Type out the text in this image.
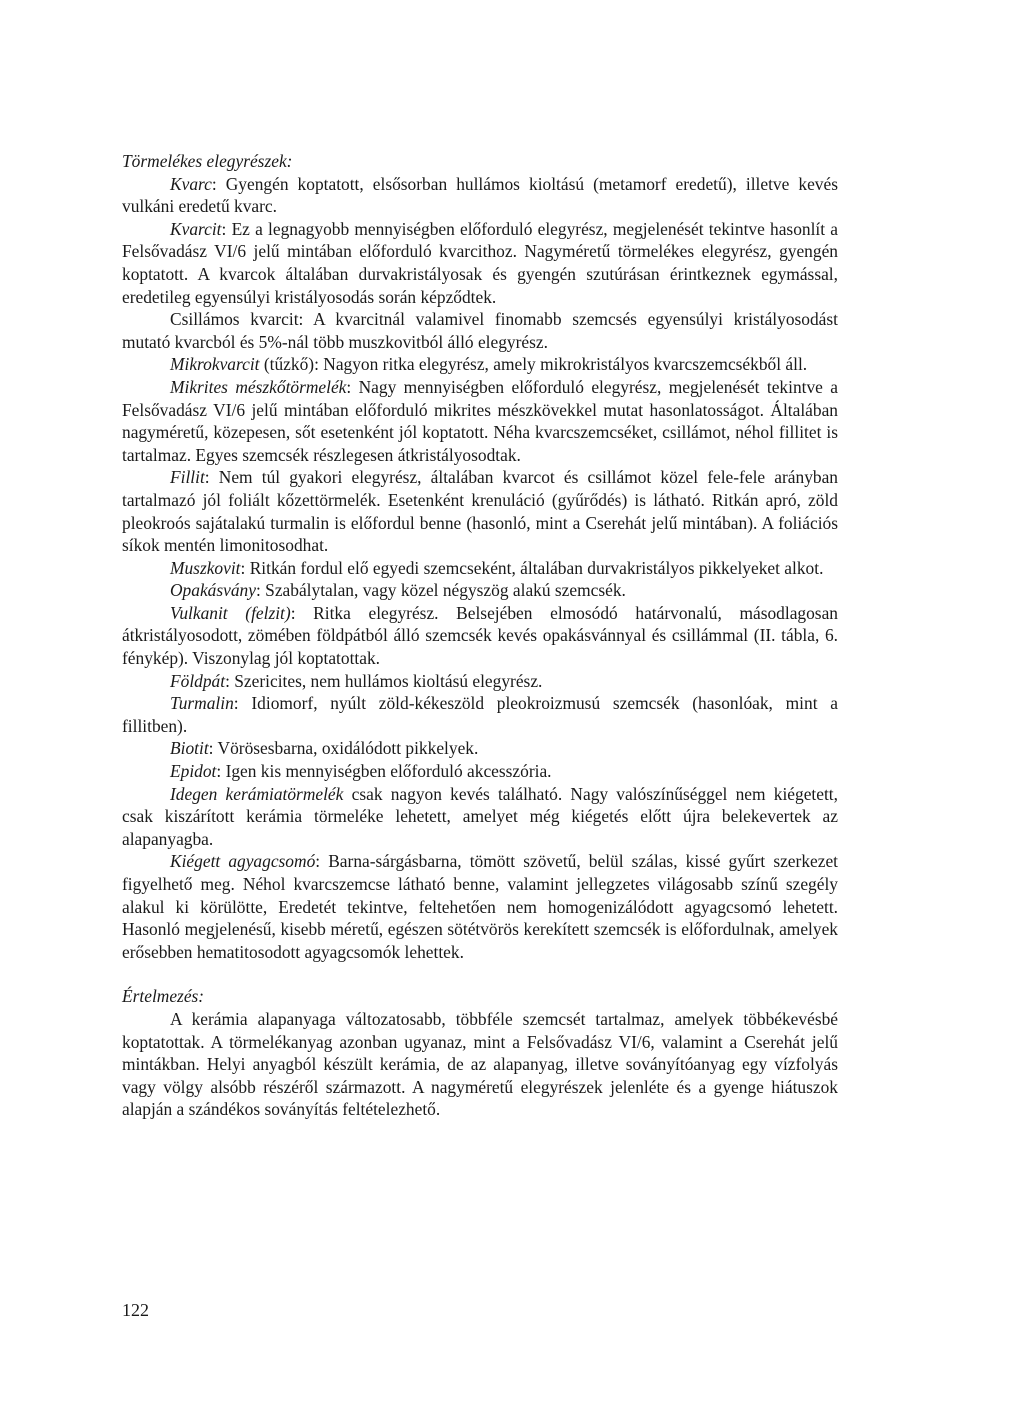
Törmelékes elegyrészek:

Kvarc: Gyengén koptatott, elsősorban hullámos kioltású (metamorf eredetű), illetve kevés vulkáni eredetű kvarc.

Kvarcit: Ez a legnagyobb mennyiségben előforduló elegyrész, megjelenését tekintve hasonlít a Felsővadász VI/6 jelű mintában előforduló kvarcithoz. Nagyméretű törmelékes elegyrész, gyengén koptatott. A kvarcok általában durvakristályosak és gyengén szutúrásan érintkeznek egymással, eredetileg egyensúlyi kristályosodás során képződtek.

Csillámos kvarcit: A kvarcitnál valamivel finomabb szemcsés egyensúlyi kristályosodást mutató kvarcból és 5%-nál több muszkovitból álló elegyrész.

Mikrokvarcit (tűzkő): Nagyon ritka elegyrész, amely mikrokristályos kvarcszemcsékből áll.

Mikrites mészkőtörmelék: Nagy mennyiségben előforduló elegyrész, megjelenését tekintve a Felsővadász VI/6 jelű mintában előforduló mikrites mészkövekkel mutat hasonlatosságot. Általában nagyméretű, közepesen, sőt esetenként jól koptatott. Néha kvarcszemcséket, csillámot, néhol fillitet is tartalmaz. Egyes szemcsék részlegesen átkristályosodtak.

Fillit: Nem túl gyakori elegyrész, általában kvarcot és csillámot közel fele-fele arányban tartalmazó jól foliált kőzettörmelék. Esetenként krenuláció (gyűrődés) is látható. Ritkán apró, zöld pleokroós sajátalakú turmalin is előfordul benne (hasonló, mint a Cserehát jelű mintában). A foliációs síkok mentén limonitosodhat.

Muszkovit: Ritkán fordul elő egyedi szemcseként, általában durvakristályos pikkelyeket alkot.

Opakásvány: Szabálytalan, vagy közel négyszög alakú szemcsék.

Vulkanit (felzit): Ritka elegyrész. Belsejében elmosódó határvonalú, másodlagosan átkristályosodott, zömében földpátból álló szemcsék kevés opakásvánnyal és csillámmal (II. tábla, 6. fénykép). Viszonylag jól koptatottak.

Földpát: Szericites, nem hullámos kioltású elegyrész.

Turmalin: Idiomorf, nyúlt zöld-kékeszöld pleokroizmusú szemcsék (hasonlóak, mint a fillitben).

Biotit: Vörösesbarna, oxidálódott pikkelyek.

Epidot: Igen kis mennyiségben előforduló akcesszória.

Idegen kerámiatörmelék csak nagyon kevés található. Nagy valószínűséggel nem kiégetett, csak kiszárított kerámia törmeléke lehetett, amelyet még kiégetés előtt újra belekevertek az alapanyagba.

Kiégett agyagcsomó: Barna-sárgásbarna, tömött szövetű, belül szálas, kissé gyűrt szerkezet figyelhető meg. Néhol kvarcszemcse látható benne, valamint jellegzetes világosabb színű szegély alakul ki körülötte, Eredetét tekintve, feltehetően nem homogenizálódott agyagcsomó lehetett. Hasonló megjelenésű, kisebb méretű, egészen sötétvörös kerekített szemcsék is előfordulnak, amelyek erősebben hematitosodott agyagcsomók lehettek.

Értelmezés:

A kerámia alapanyaga változatosabb, többféle szemcsét tartalmaz, amelyek többékevésbé koptatottak. A törmelékanyag azonban ugyanaz, mint a Felsővadász VI/6, valamint a Cserehát jelű mintákban. Helyi anyagból készült kerámia, de az alapanyag, illetve soványítóanyag egy vízfolyás vagy völgy alsóbb részéről származott. A nagyméretű elegyrészek jelenléte és a gyenge hiátuszok alapján a szándékos soványítás feltételezhető.

122
